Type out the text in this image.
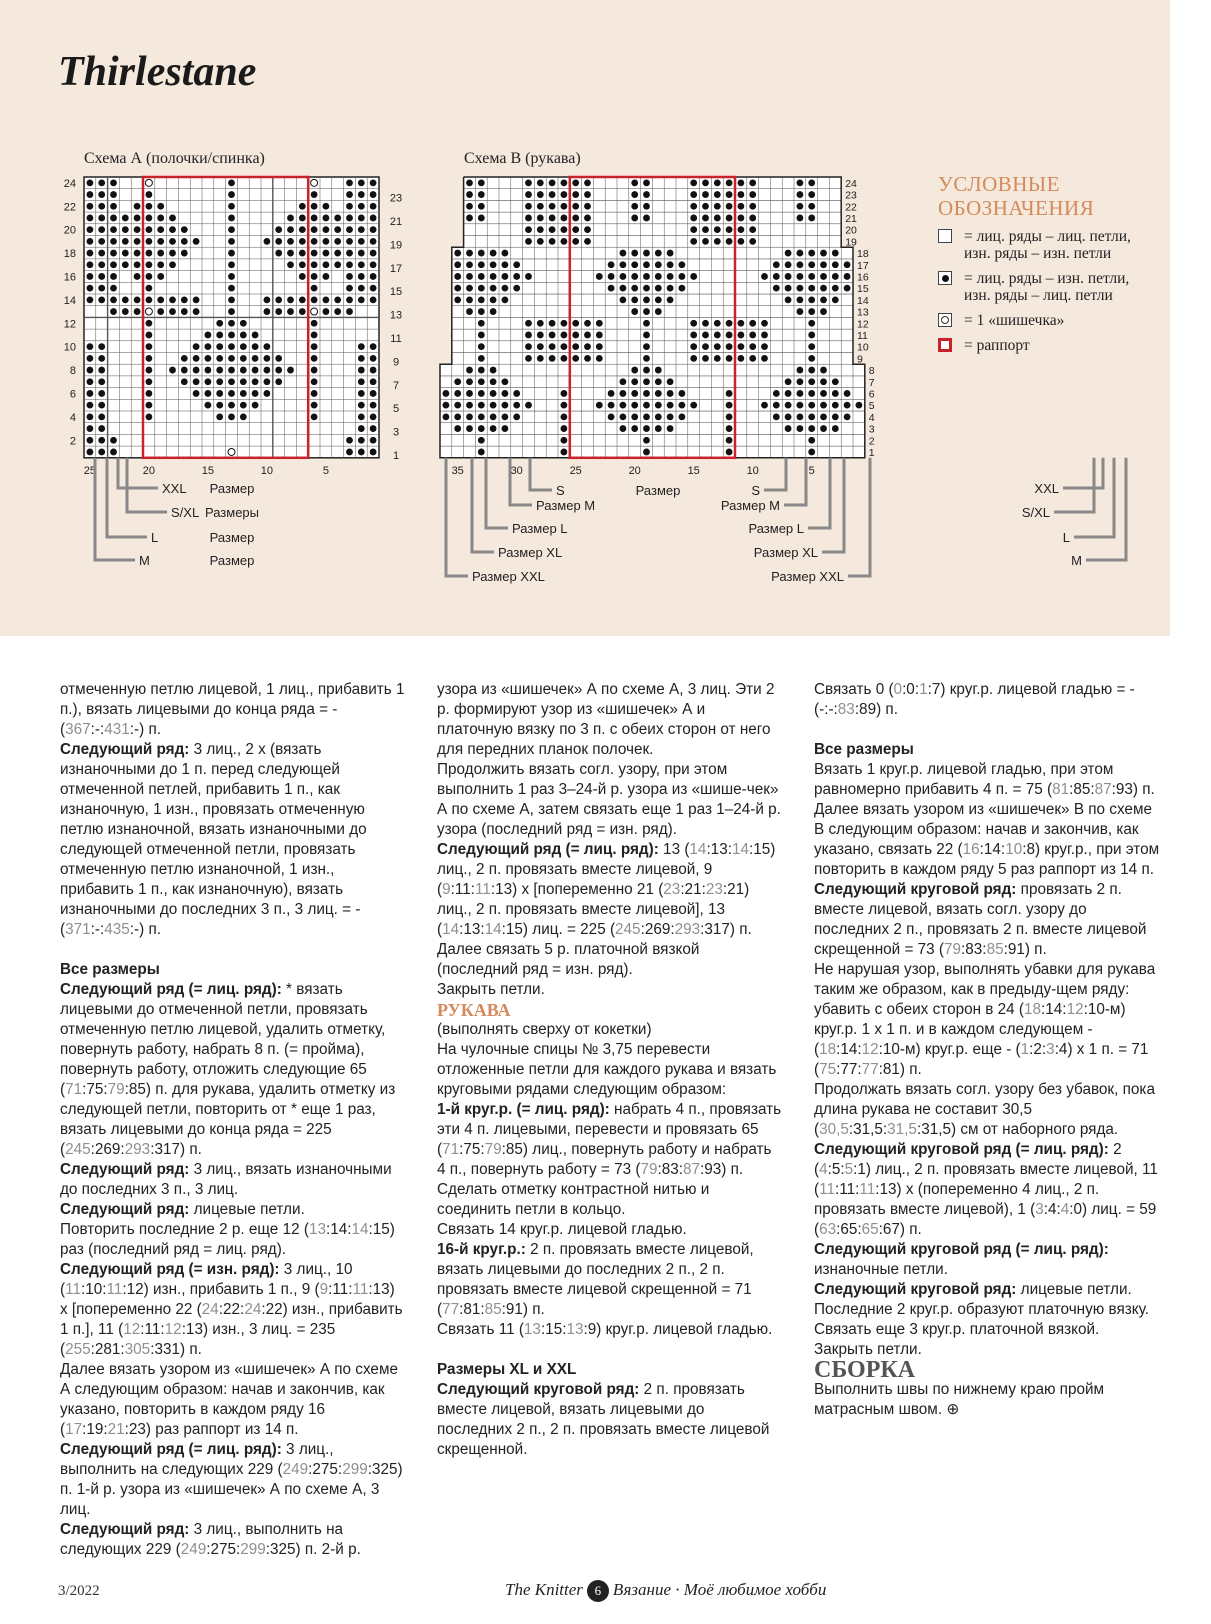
Thirlestane
Схема А (полочки/спинка)	Схема В (рукава)
24
22
20
18
16
14
12
10
8
6
4
2
23
21
19
17
15
13
11
9
7
5
3
1
25	20	15	10	5
XXL	XXL
Размер
S/XL	S/XL
Размеры
L	L
Размер
M	M
Размер
24
23
22
21
20
19
18
17
16
15
14
13
12
11
10
9
8
7
6
5
4
3
2
1
35	30	25	20	15	10	5
Размер
S	S
Размер M	Размер M
Размер L	Размер L
Размер XL	Размер XL
Размер XXL	Размер XXL
УСЛОВНЫЕ
ОБОЗНАЧЕНИЯ
= лиц. ряды – лиц. петли, изн. ряды – изн. петли
= лиц. ряды – изн. петли, изн. ряды – лиц. петли
= 1 «шишечка»
= раппорт

отмеченную петлю лицевой, 1 лиц., прибавить 1 п.), вязать лицевыми до конца ряда = - (367:-:431:-) п.

Следующий ряд: 3 лиц., 2 х (вязать изнаночными до 1 п. перед следующей отмеченной петлей, прибавить 1 п., как изнаночную, 1 изн., провязать отмеченную петлю изнаночной, вязать изнаночными до следующей отмеченной петли, провязать отмеченную петлю изнаночной, 1 изн., прибавить 1 п., как изнаночную), вязать изнаночными до последних 3 п., 3 лиц. = - (371:-:435:-) п.

Все размеры

Следующий ряд (= лиц. ряд): * вязать лицевыми до отмеченной петли, провязать отмеченную петлю лицевой, удалить отметку, повернуть работу, набрать 8 п. (= пройма), повернуть работу, отложить следующие 65 (71:75:79:85) п. для рукава, удалить отметку из следующей петли, повторить от * еще 1 раз, вязать лицевыми до конца ряда = 225 (245:269:293:317) п.

Следующий ряд: 3 лиц., вязать изнаночными до последних 3 п., 3 лиц.

Следующий ряд: лицевые петли.

Повторить последние 2 р. еще 12 (13:14:14:15) раз (последний ряд = лиц. ряд).

Следующий ряд (= изн. ряд): 3 лиц., 10 (11:10:11:12) изн., прибавить 1 п., 9 (9:11:11:13) х [попеременно 22 (24:22:24:22) изн., прибавить 1 п.], 11 (12:11:12:13) изн., 3 лиц. = 235 (255:281:305:331) п.

Далее вязать узором из «шишечек» А по схеме А следующим образом: начав и закончив, как указано, повторить в каждом ряду 16 (17:19:21:23) раз раппорт из 14 п.

Следующий ряд (= лиц. ряд): 3 лиц., выполнить на следующих 229 (249:275:299:325) п. 1-й р. узора из «шишечек» А по схеме А, 3 лиц.

Следующий ряд: 3 лиц., выполнить на следующих 229 (249:275:299:325) п. 2-й р.

узора из «шишечек» А по схеме А, 3 лиц. Эти 2 р. формируют узор из «шишечек» А и платочную вязку по 3 п. с обеих сторон от него для передних планок полочек.

Продолжить вязать согл. узору, при этом выполнить 1 раз 3–24-й р. узора из «шише-чек» А по схеме А, затем связать еще 1 раз 1–24-й р. узора (последний ряд = изн. ряд).

Следующий ряд (= лиц. ряд): 13 (14:13:14:15) лиц., 2 п. провязать вместе лицевой, 9 (9:11:11:13) х [попеременно 21 (23:21:23:21) лиц., 2 п. провязать вместе лицевой], 13 (14:13:14:15) лиц. = 225 (245:269:293:317) п.

Далее связать 5 р. платочной вязкой (последний ряд = изн. ряд).

Закрыть петли.

РУКАВА

(выполнять сверху от кокетки)

На чулочные спицы № 3,75 перевести отложенные петли для каждого рукава и вязать круговыми рядами следующим образом:

1-й круг.р. (= лиц. ряд): набрать 4 п., провязать эти 4 п. лицевыми, перевести и провязать 65 (71:75:79:85) лиц., повернуть работу и набрать 4 п., повернуть работу = 73 (79:83:87:93) п.

Сделать отметку контрастной нитью и соединить петли в кольцо.

Связать 14 круг.р. лицевой гладью.

16-й круг.р.: 2 п. провязать вместе лицевой, вязать лицевыми до последних 2 п., 2 п. провязать вместе лицевой скрещенной = 71 (77:81:85:91) п.

Связать 11 (13:15:13:9) круг.р. лицевой гладью.

Размеры XL и XXL

Следующий круговой ряд: 2 п. провязать вместе лицевой, вязать лицевыми до последних 2 п., 2 п. провязать вместе лицевой скрещенной.

Связать 0 (0:0:1:7) круг.р. лицевой гладью = - (-:-:83:89) п.

Все размеры

Вязать 1 круг.р. лицевой гладью, при этом равномерно прибавить 4 п. = 75 (81:85:87:93) п.

Далее вязать узором из «шишечек» В по схеме В следующим образом: начав и закончив, как указано, связать 22 (16:14:10:8) круг.р., при этом повторить в каждом ряду 5 раз раппорт из 14 п.

Следующий круговой ряд: провязать 2 п. вместе лицевой, вязать согл. узору до последних 2 п., провязать 2 п. вместе лицевой скрещенной = 73 (79:83:85:91) п.

Не нарушая узор, выполнять убавки для рукава таким же образом, как в предыду-щем ряду: убавить с обеих сторон в 24 (18:14:12:10-м) круг.р. 1 х 1 п. и в каждом следующем - (18:14:12:10-м) круг.р. еще - (1:2:3:4) х 1 п. = 71 (75:77:77:81) п.

Продолжать вязать согл. узору без убавок, пока длина рукава не составит 30,5 (30,5:31,5:31,5:31,5) см от наборного ряда.

Следующий круговой ряд (= лиц. ряд): 2 (4:5:5:1) лиц., 2 п. провязать вместе лицевой, 11 (11:11:11:13) х (попеременно 4 лиц., 2 п. провязать вместе лицевой), 1 (3:4:4:0) лиц. = 59 (63:65:65:67) п.

Следующий круговой ряд (= лиц. ряд): изнаночные петли.

Следующий круговой ряд: лицевые петли.

Последние 2 круг.р. образуют платочную вязку.

Связать еще 3 круг.р. платочной вязкой.

Закрыть петли.

СБОРКА

Выполнить швы по нижнему краю пройм матрасным швом. ⊕

3/2022	The Knitter 6 Вязание · Моё любимое хобби
